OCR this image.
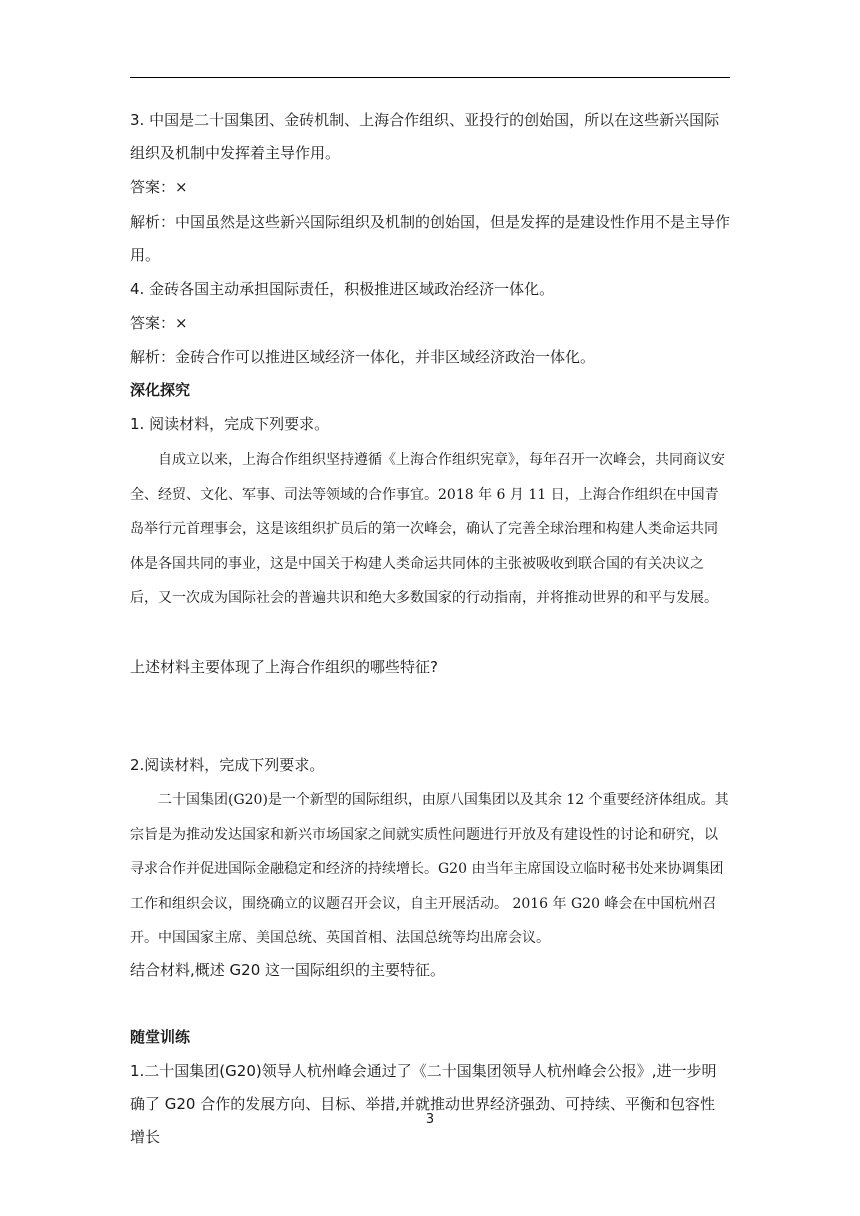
3. 中国是二十国集团、金砖机制、上海合作组织、亚投行的创始国，所以在这些新兴国际组织及机制中发挥着主导作用。

答案：×

解析：中国虽然是这些新兴国际组织及机制的创始国，但是发挥的是建设性作用不是主导作用。

4. 金砖各国主动承担国际责任，积极推进区域政治经济一体化。

答案：×

解析：金砖合作可以推进区域经济一体化，并非区域经济政治一体化。

深化探究

1. 阅读材料，完成下列要求。

自成立以来，上海合作组织坚持遵循《上海合作组织宪章》，每年召开一次峰会，共同商议安全、经贸、文化、军事、司法等领域的合作事宜。2018 年 6 月 11 日，上海合作组织在中国青岛举行元首理事会，这是该组织扩员后的第一次峰会，确认了完善全球治理和构建人类命运共同体是各国共同的事业，这是中国关于构建人类命运共同体的主张被吸收到联合国的有关决议之后，又一次成为国际社会的普遍共识和绝大多数国家的行动指南，并将推动世界的和平与发展。

上述材料主要体现了上海合作组织的哪些特征?

2.阅读材料，完成下列要求。

二十国集团(G20)是一个新型的国际组织，由原八国集团以及其余 12 个重要经济体组成。其宗旨是为推动发达国家和新兴市场国家之间就实质性问题进行开放及有建设性的讨论和研究，以寻求合作并促进国际金融稳定和经济的持续增长。G20 由当年主席国设立临时秘书处来协调集团工作和组织会议，围绕确立的议题召开会议，自主开展活动。 2016 年 G20 峰会在中国杭州召开。中国国家主席、美国总统、英国首相、法国总统等均出席会议。

结合材料,概述 G20 这一国际组织的主要特征。

随堂训练

1.二十国集团(G20)领导人杭州峰会通过了《二十国集团领导人杭州峰会公报》,进一步明确了 G20 合作的发展方向、目标、举措,并就推动世界经济强劲、可持续、平衡和包容性增长

3
